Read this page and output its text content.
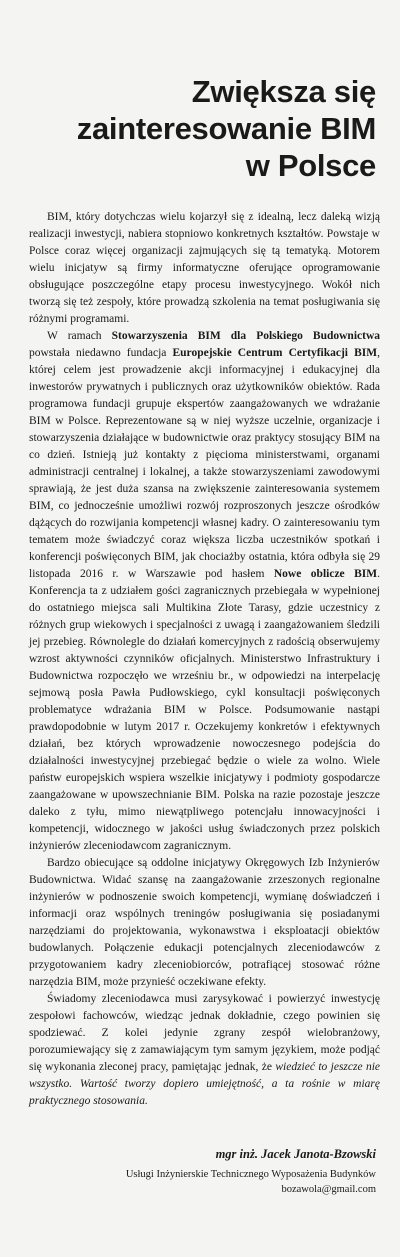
Zwiększa się
zainteresowanie BIM
w Polsce

BIM, który dotychczas wielu kojarzył się z idealną, lecz daleką wizją realizacji inwestycji, nabiera stopniowo konkretnych kształtów. Powstaje w Polsce coraz więcej organizacji zajmujących się tą tematyką. Motorem wielu inicjatyw są firmy informatyczne oferujące oprogramowanie obsługujące poszczególne etapy procesu inwestycyjnego. Wokół nich tworzą się też zespoły, które prowadzą szkolenia na temat posługiwania się różnymi programami.

W ramach Stowarzyszenia BIM dla Polskiego Budownictwa powstała niedawno fundacja Europejskie Centrum Certyfikacji BIM, której celem jest prowadzenie akcji informacyjnej i edukacyjnej dla inwestorów prywatnych i publicznych oraz użytkowników obiektów. Rada programowa fundacji grupuje ekspertów zaangażowanych we wdrażanie BIM w Polsce. Reprezentowane są w niej wyższe uczelnie, organizacje i stowarzyszenia działające w budownictwie oraz praktycy stosujący BIM na co dzień. Istnieją już kontakty z pięcioma ministerstwami, organami administracji centralnej i lokalnej, a także stowarzyszeniami zawodowymi sprawiają, że jest duża szansa na zwiększenie zainteresowania systemem BIM, co jednocześnie umożliwi rozwój rozproszonych jeszcze ośrodków dążących do rozwijania kompetencji własnej kadry. O zainteresowaniu tym tematem może świadczyć coraz większa liczba uczestników spotkań i konferencji poświęconych BIM, jak chociażby ostatnia, która odbyła się 29 listopada 2016 r. w Warszawie pod hasłem Nowe oblicze BIM. Konferencja ta z udziałem gości zagranicznych przebiegała w wypełnionej do ostatniego miejsca sali Multikina Złote Tarasy, gdzie uczestnicy z różnych grup wiekowych i specjalności z uwagą i zaangażowaniem śledzili jej przebieg. Równolegle do działań komercyjnych z radością obserwujemy wzrost aktywności czynników oficjalnych. Ministerstwo Infrastruktury i Budownictwa rozpoczęło we wrześniu br., w odpowiedzi na interpelację sejmową posła Pawła Pudłowskiego, cykl konsultacji poświęconych problematyce wdrażania BIM w Polsce. Podsumowanie nastąpi prawdopodobnie w lutym 2017 r. Oczekujemy konkretów i efektywnych działań, bez których wprowadzenie nowoczesnego podejścia do działalności inwestycyjnej przebiegać będzie o wiele za wolno. Wiele państw europejskich wspiera wszelkie inicjatywy i podmioty gospodarcze zaangażowane w upowszechnianie BIM. Polska na razie pozostaje jeszcze daleko z tyłu, mimo niewątpliwego potencjału innowacyjności i kompetencji, widocznego w jakości usług świadczonych przez polskich inżynierów zleceniodawcom zagranicznym.

Bardzo obiecujące są oddolne inicjatywy Okręgowych Izb Inżynierów Budownictwa. Widać szansę na zaangażowanie zrzeszonych regionalne inżynierów w podnoszenie swoich kompetencji, wymianę doświadczeń i informacji oraz wspólnych treningów posługiwania się posiadanymi narzędziami do projektowania, wykonawstwa i eksploatacji obiektów budowlanych. Połączenie edukacji potencjalnych zleceniodawców z przygotowaniem kadry zleceniobiorców, potrafiącej stosować różne narzędzia BIM, może przynieść oczekiwane efekty.

Świadomy zleceniodawca musi zarysykować i powierzyć inwestycję zespołowi fachowców, wiedząc jednak dokładnie, czego powinien się spodziewać. Z kolei jedynie zgrany zespół wielobranżowy, porozumiewający się z zamawiającym tym samym językiem, może podjąć się wykonania zleconej pracy, pamiętając jednak, że wiedzieć to jeszcze nie wszystko. Wartość tworzy dopiero umiejętność, a ta rośnie w miarę praktycznego stosowania.

mgr inż. Jacek Janota-Bzowski
Usługi Inżynierskie Technicznego Wyposażenia Budynków
bozawola@gmail.com
